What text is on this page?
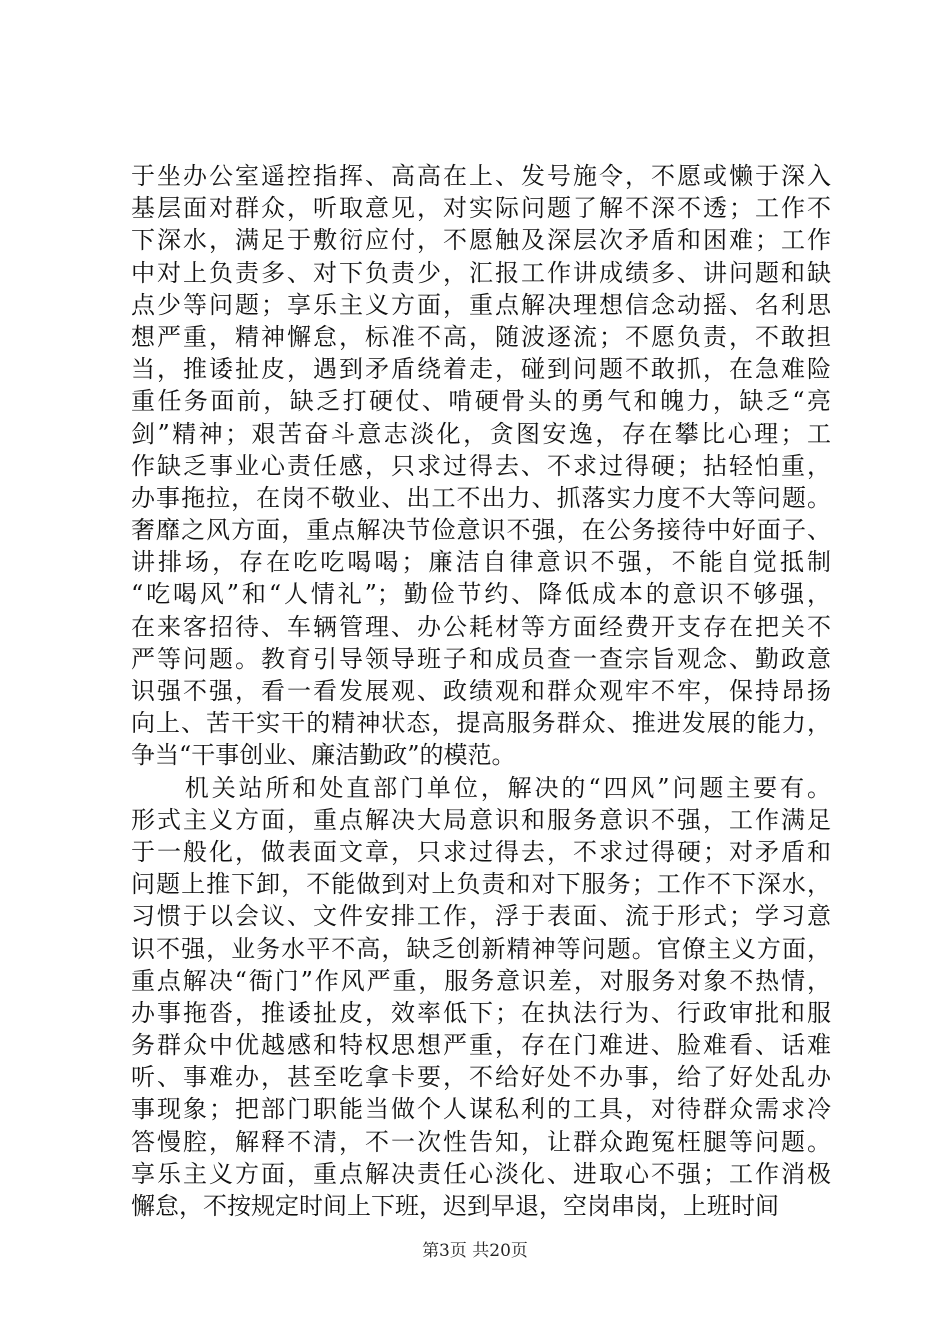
于坐办公室遥控指挥、高高在上、发号施令，不愿或懒于深入
基层面对群众，听取意见，对实际问题了解不深不透；工作不
下深水，满足于敷衍应付，不愿触及深层次矛盾和困难；工作
中对上负责多、对下负责少，汇报工作讲成绩多、讲问题和缺
点少等问题；享乐主义方面，重点解决理想信念动摇、名利思
想严重，精神懈怠，标准不高，随波逐流；不愿负责，不敢担
当，推诿扯皮，遇到矛盾绕着走，碰到问题不敢抓，在急难险
重任务面前，缺乏打硬仗、啃硬骨头的勇气和魄力，缺乏“亮
剑”精神；艰苦奋斗意志淡化，贪图安逸，存在攀比心理；工
作缺乏事业心责任感，只求过得去、不求过得硬；拈轻怕重，
办事拖拉，在岗不敬业、出工不出力、抓落实力度不大等问题。
奢靡之风方面，重点解决节俭意识不强，在公务接待中好面子、
讲排场，存在吃吃喝喝；廉洁自律意识不强，不能自觉抵制
“吃喝风”和“人情礼”；勤俭节约、降低成本的意识不够强，
在来客招待、车辆管理、办公耗材等方面经费开支存在把关不
严等问题。教育引导领导班子和成员查一查宗旨观念、勤政意
识强不强，看一看发展观、政绩观和群众观牢不牢，保持昂扬
向上、苦干实干的精神状态，提高服务群众、推进发展的能力，
争当“干事创业、廉洁勤政”的模范。
　　机关站所和处直部门单位，解决的“四风”问题主要有。
形式主义方面，重点解决大局意识和服务意识不强，工作满足
于一般化，做表面文章，只求过得去，不求过得硬；对矛盾和
问题上推下卸，不能做到对上负责和对下服务；工作不下深水，
习惯于以会议、文件安排工作，浮于表面、流于形式；学习意
识不强，业务水平不高，缺乏创新精神等问题。官僚主义方面，
重点解决“衙门”作风严重，服务意识差，对服务对象不热情，
办事拖沓，推诿扯皮，效率低下；在执法行为、行政审批和服
务群众中优越感和特权思想严重，存在门难进、脸难看、话难
听、事难办，甚至吃拿卡要，不给好处不办事，给了好处乱办
事现象；把部门职能当做个人谋私利的工具，对待群众需求冷
答慢腔，解释不清，不一次性告知，让群众跑冤枉腿等问题。
享乐主义方面，重点解决责任心淡化、进取心不强；工作消极
懈怠，不按规定时间上下班，迟到早退，空岗串岗，上班时间
第3页 共20页
